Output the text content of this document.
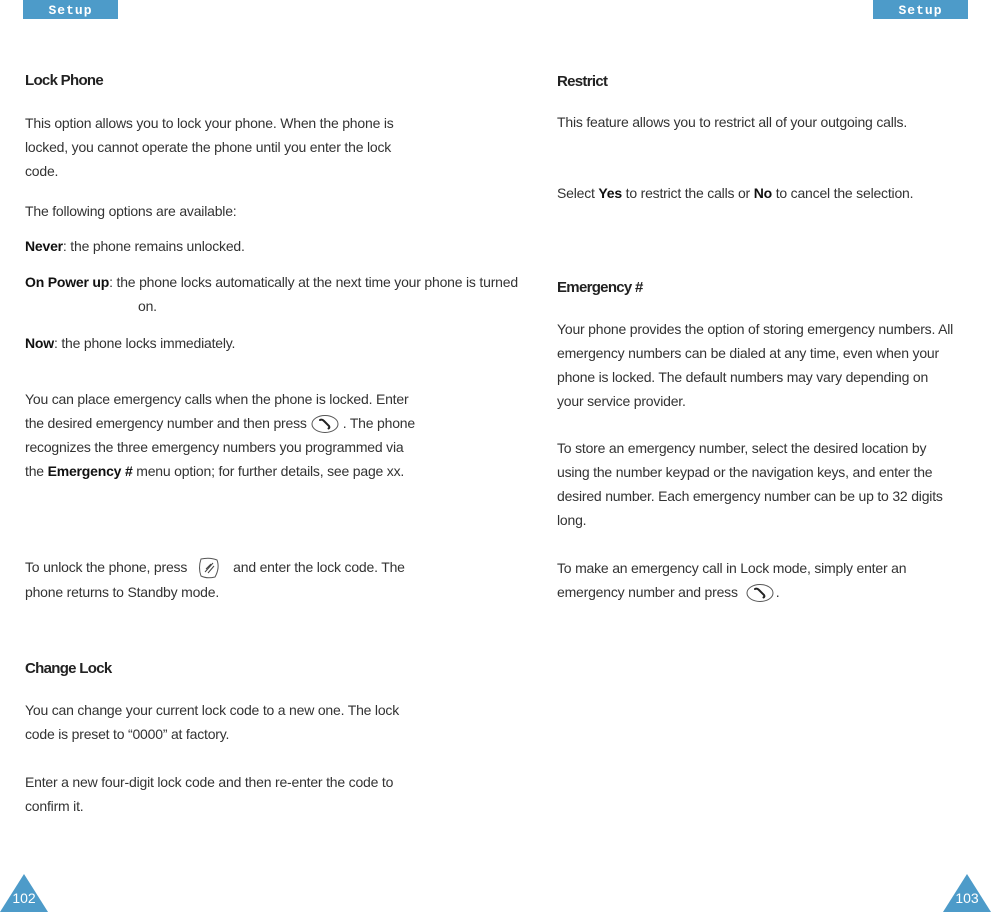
Setup	Setup
Lock Phone

This option allows you to lock your phone. When the phone is locked, you cannot operate the phone until you enter the lock code.

The following options are available:

Never: the phone remains unlocked.

On Power up: the phone locks automatically at the next time your phone is turned on.

Now: the phone locks immediately.

You can place emergency calls when the phone is locked. Enter the desired emergency number and then press	. The phone recognizes the three emergency numbers you programmed via the Emergency # menu option; for further details, see page xx.

To unlock the phone, press	and enter the lock code. The phone returns to Standby mode.

Change Lock

You can change your current lock code to a new one. The lock code is preset to “0000” at factory.

Enter a new four-digit lock code and then re-enter the code to confirm it.

Restrict

This feature allows you to restrict all of your outgoing calls.

Select Yes to restrict the calls or No to cancel the selection.

Emergency #

Your phone provides the option of storing emergency numbers. All emergency numbers can be dialed at any time, even when your phone is locked. The default numbers may vary depending on your service provider.

To store an emergency number, select the desired location by using the number keypad or the navigation keys, and enter the desired number. Each emergency number can be up to 32 digits long.

To make an emergency call in Lock mode, simply enter an emergency number and press	.

102	103
